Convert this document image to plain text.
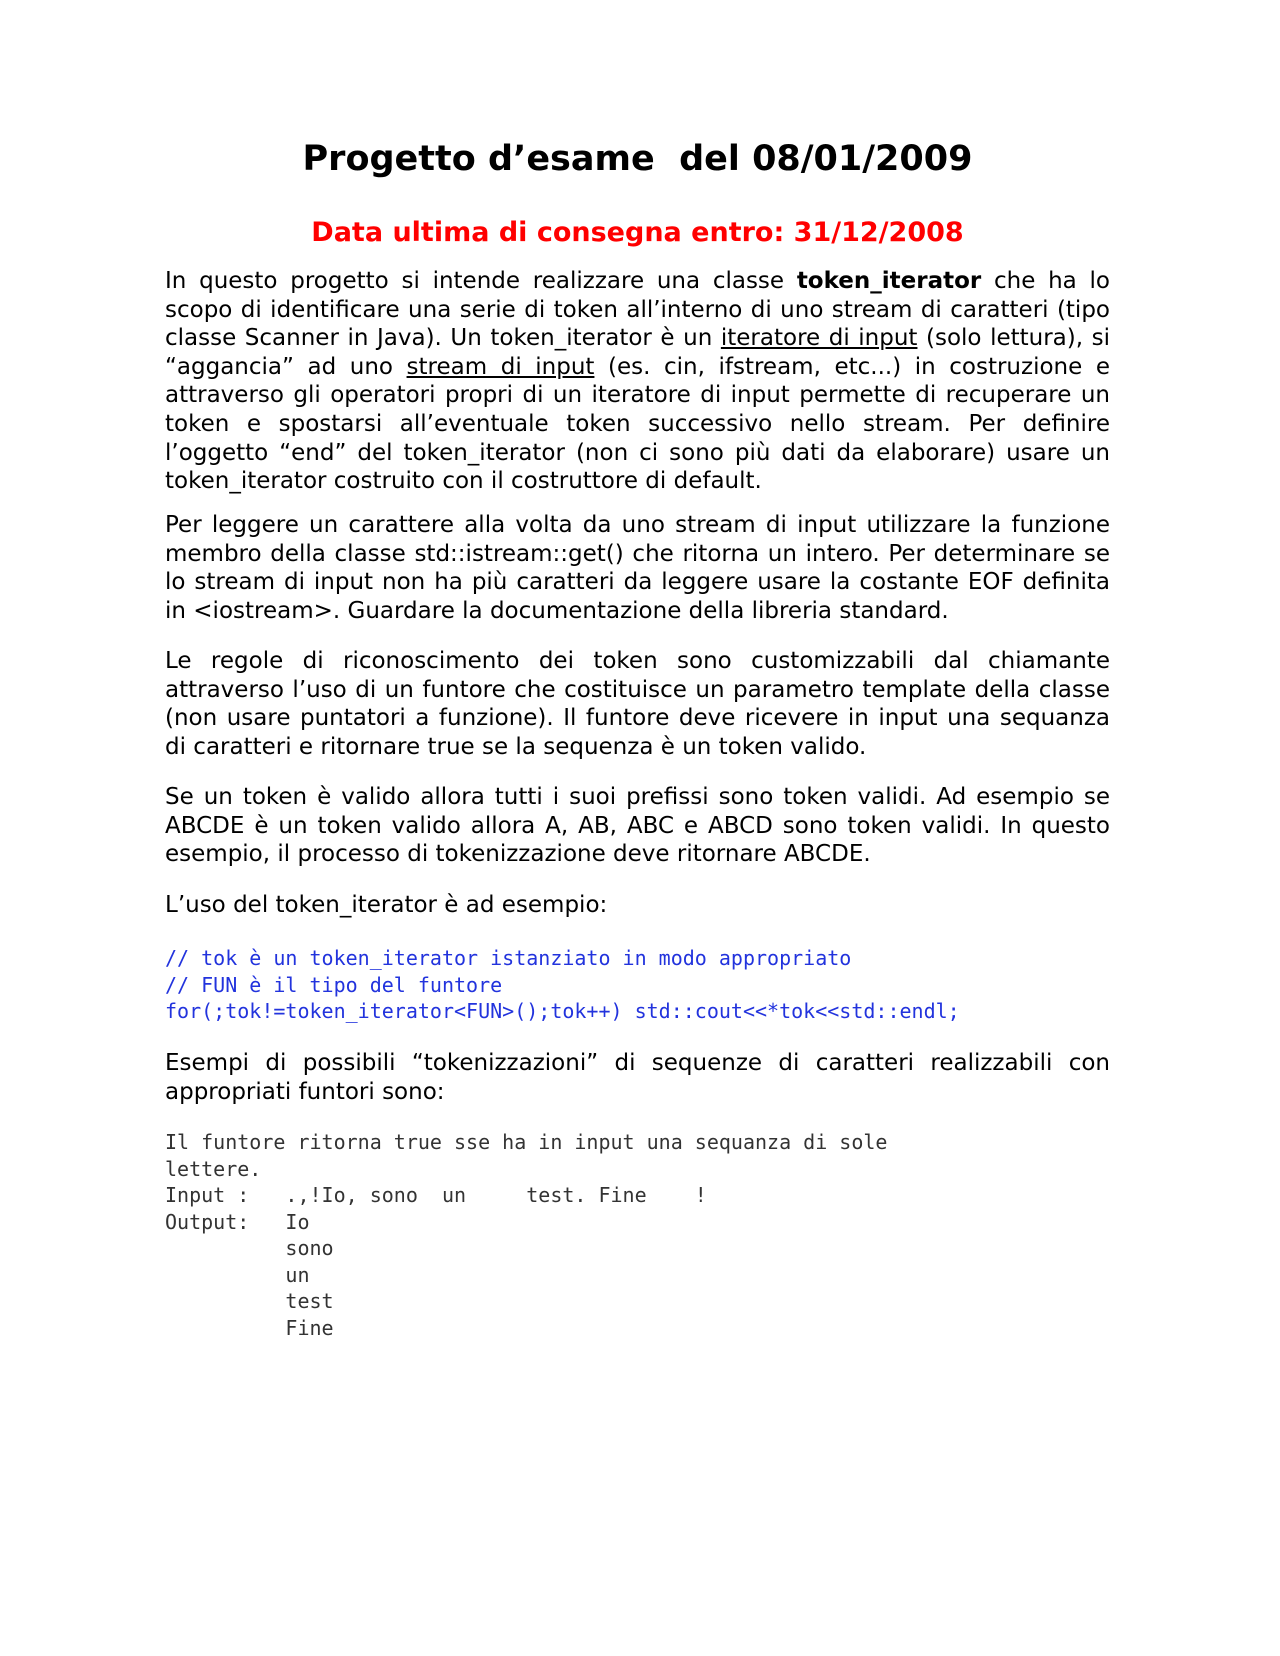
Progetto d’esame  del 08/01/2009
Data ultima di consegna entro: 31/12/2008

In questo progetto si intende realizzare una classe token_iterator che ha lo scopo di identificare una serie di token all’interno di uno stream di caratteri (tipo classe Scanner in Java). Un token_iterator è un iteratore di input (solo lettura), si “aggancia” ad uno stream di input (es. cin, ifstream, etc...) in costruzione e attraverso gli operatori propri di un iteratore di input permette di recuperare un token e spostarsi all’eventuale token successivo nello stream. Per definire l’oggetto “end” del token_iterator (non ci sono più dati da elaborare) usare un token_iterator costruito con il costruttore di default.

Per leggere un carattere alla volta da uno stream di input utilizzare la funzione membro della classe std::istream::get() che ritorna un intero. Per determinare se lo stream di input non ha più caratteri da leggere usare la costante EOF definita in <iostream>. Guardare la documentazione della libreria standard.

Le regole di riconoscimento dei token sono customizzabili dal chiamante attraverso l’uso di un funtore che costituisce un parametro template della classe (non usare puntatori a funzione). Il funtore deve ricevere in input una sequanza di caratteri e ritornare true se la sequenza è un token valido.

Se un token è valido allora tutti i suoi prefissi sono token validi. Ad esempio se ABCDE è un token valido allora A, AB, ABC e ABCD sono token validi. In questo esempio, il processo di tokenizzazione deve ritornare ABCDE.

L’uso del token_iterator è ad esempio:

// tok è un token_iterator istanziato in modo appropriato
// FUN è il tipo del funtore
for(;tok!=token_iterator<FUN>();tok++) std::cout<<*tok<<std::endl;

Esempi di possibili “tokenizzazioni” di sequenze di caratteri realizzabili con appropriati funtori sono:

Il funtore ritorna true sse ha in input una sequanza di sole
lettere.
Input :   .,!Io, sono  un     test. Fine    !
Output:   Io
sono
un
test
Fine
